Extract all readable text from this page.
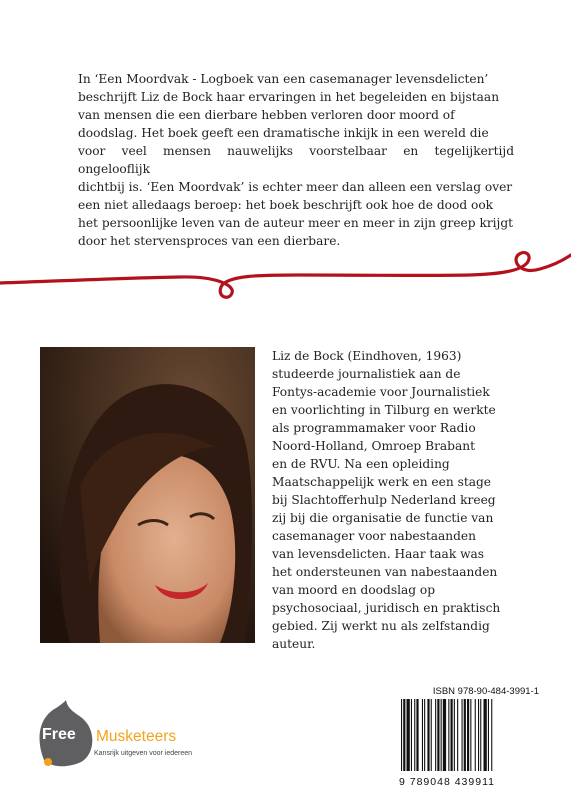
In ‘Een Moordvak - Logboek van een casemanager levensdelicten’
beschrijft Liz de Bock haar ervaringen in het begeleiden en bijstaan
van mensen die een dierbare hebben verloren door moord of
doodslag. Het boek geeft een dramatische inkijk in een wereld die
voor veel mensen nauwelijks voorstelbaar en tegelijkertijd ongelooflijk
dichtbij is. ‘Een Moordvak’ is echter meer dan alleen een verslag over
een niet alledaags beroep: het boek beschrijft ook hoe de dood ook
het persoonlijke leven van de auteur meer en meer in zijn greep krijgt
door het stervensproces van een dierbare.
Liz de Bock (Eindhoven, 1963)
studeerde journalistiek aan de
Fontys-academie voor Journalistiek
en voorlichting in Tilburg en werkte
als programmamaker voor Radio
Noord-Holland, Omroep Brabant
en de RVU. Na een opleiding
Maatschappelijk werk en een stage
bij Slachtofferhulp Nederland kreeg
zij bij die organisatie de functie van
casemanager voor nabestaanden
van levensdelicten. Haar taak was
het ondersteunen van nabestaanden
van moord en doodslag op
psychosociaal, juridisch en praktisch
gebied. Zij werkt nu als zelfstandig
auteur.
Free Musketeers
Kansrijk uitgeven voor iedereen
ISBN 978-90-484-3991-1
9 789048 439911
